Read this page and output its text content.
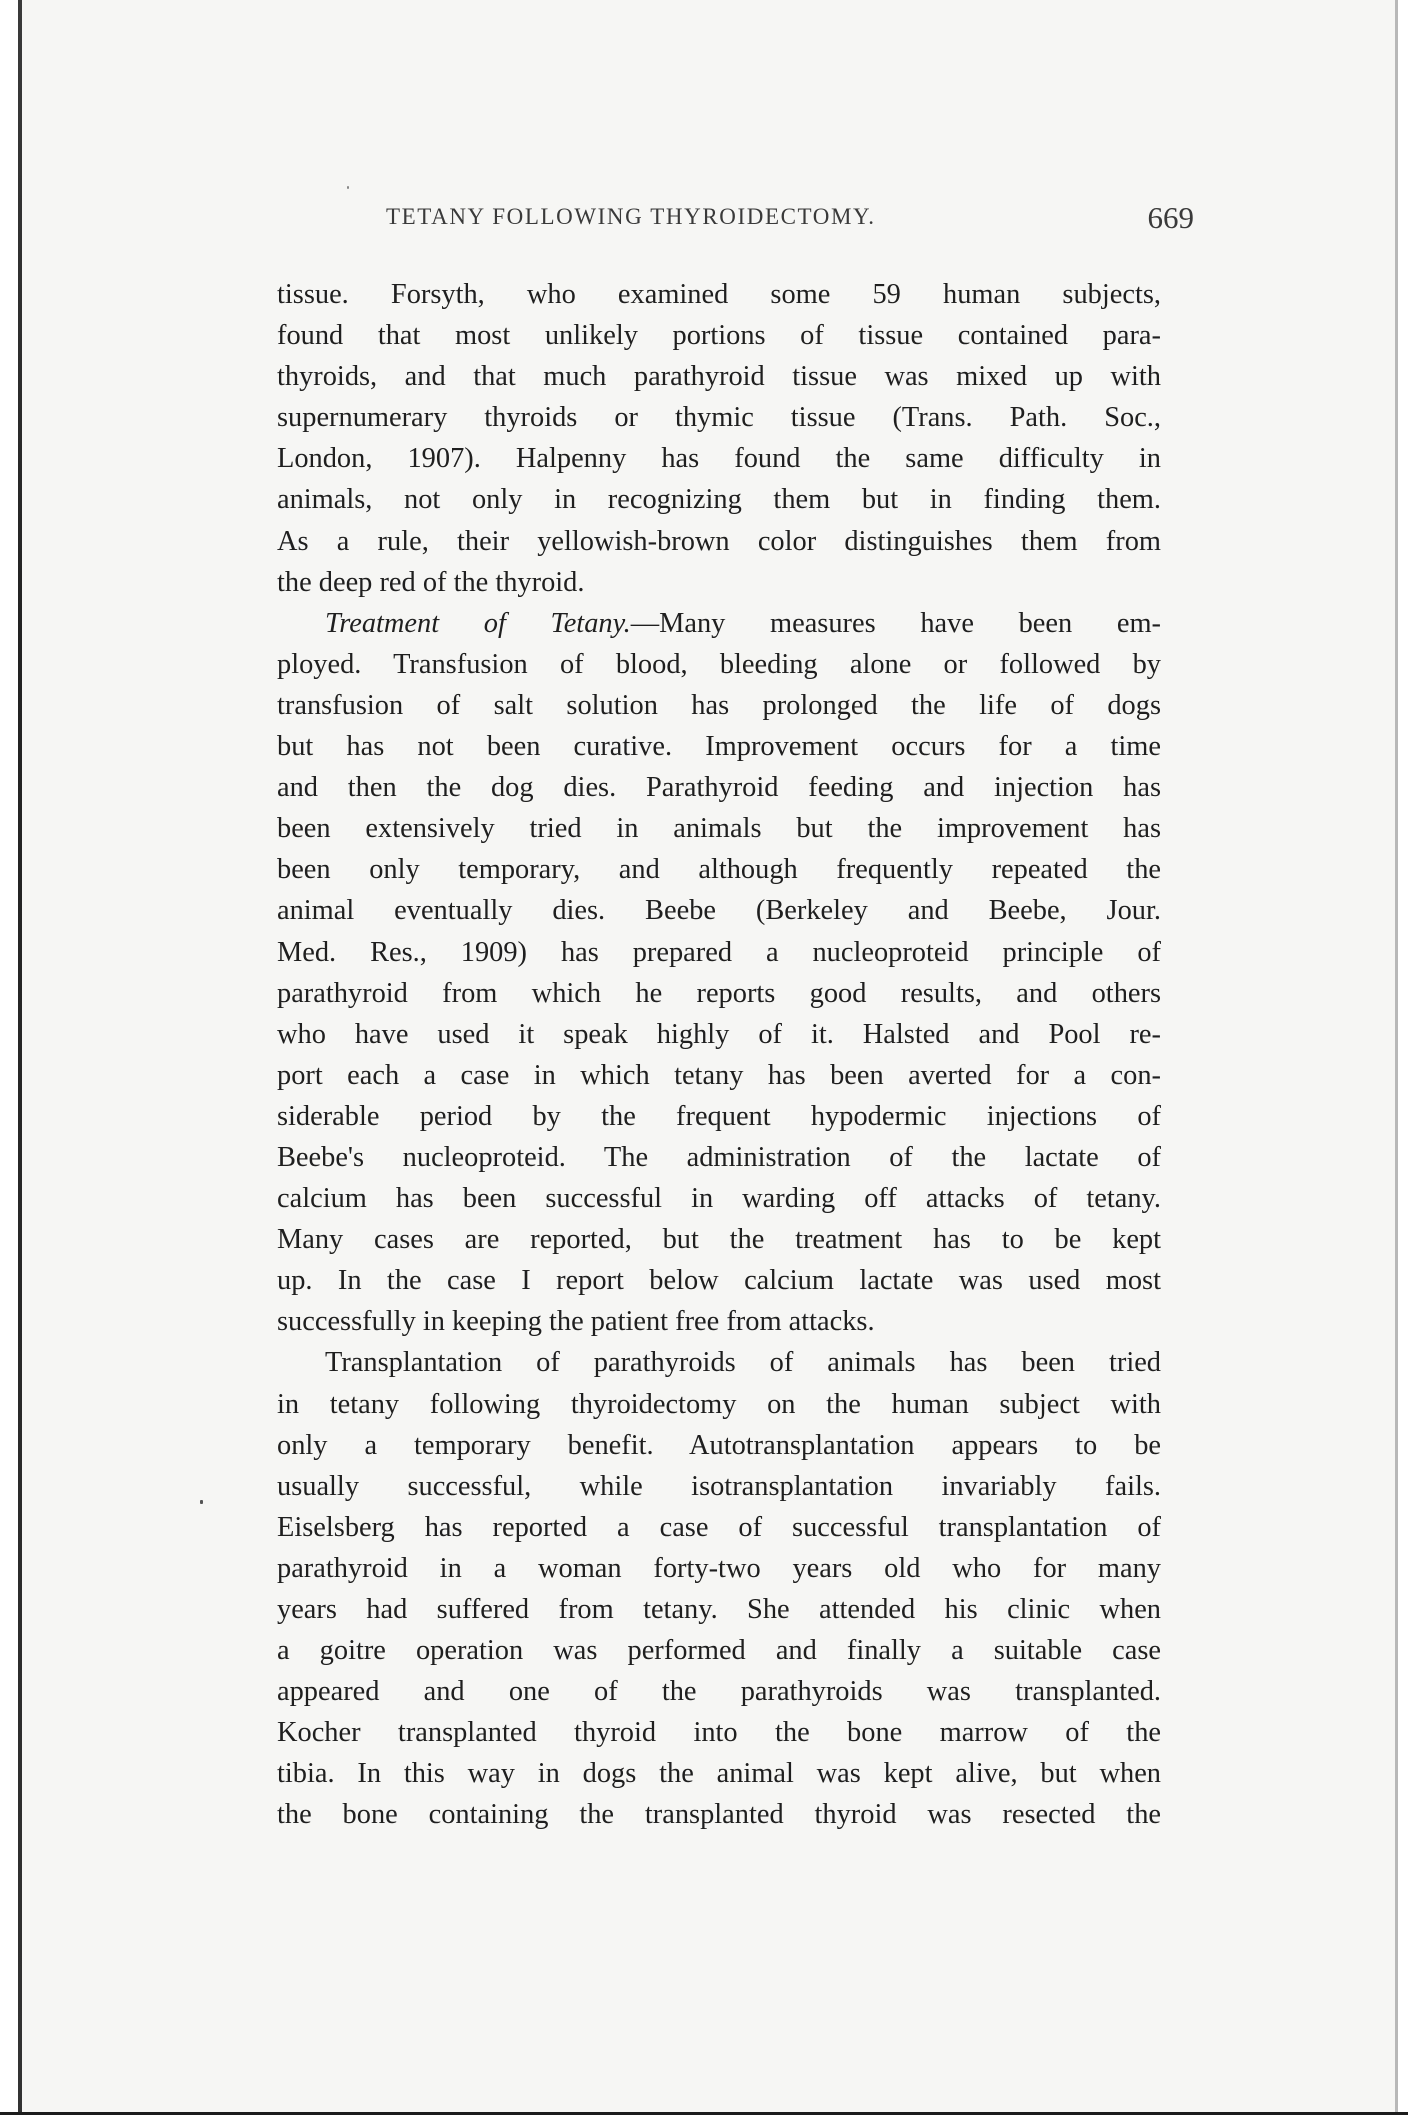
TETANY FOLLOWING THYROIDECTOMY.	669

tissue. Forsyth, who examined some 59 human subjects,
found that most unlikely portions of tissue contained para-
thyroids, and that much parathyroid tissue was mixed up with
supernumerary thyroids or thymic tissue (Trans. Path. Soc.,
London, 1907). Halpenny has found the same difficulty in
animals, not only in recognizing them but in finding them.
As a rule, their yellowish-brown color distinguishes them from
the deep red of the thyroid.

Treatment of Tetany.—Many measures have been em-
ployed. Transfusion of blood, bleeding alone or followed by
transfusion of salt solution has prolonged the life of dogs
but has not been curative. Improvement occurs for a time
and then the dog dies. Parathyroid feeding and injection has
been extensively tried in animals but the improvement has
been only temporary, and although frequently repeated the
animal eventually dies. Beebe (Berkeley and Beebe, Jour.
Med. Res., 1909) has prepared a nucleoproteid principle of
parathyroid from which he reports good results, and others
who have used it speak highly of it. Halsted and Pool re-
port each a case in which tetany has been averted for a con-
siderable period by the frequent hypodermic injections of
Beebe's nucleoproteid. The administration of the lactate of
calcium has been successful in warding off attacks of tetany.
Many cases are reported, but the treatment has to be kept
up. In the case I report below calcium lactate was used most
successfully in keeping the patient free from attacks.

Transplantation of parathyroids of animals has been tried
in tetany following thyroidectomy on the human subject with
only a temporary benefit. Autotransplantation appears to be
usually successful, while isotransplantation invariably fails.
Eiselsberg has reported a case of successful transplantation of
parathyroid in a woman forty-two years old who for many
years had suffered from tetany. She attended his clinic when
a goitre operation was performed and finally a suitable case
appeared and one of the parathyroids was transplanted.
Kocher transplanted thyroid into the bone marrow of the
tibia. In this way in dogs the animal was kept alive, but when
the bone containing the transplanted thyroid was resected the
